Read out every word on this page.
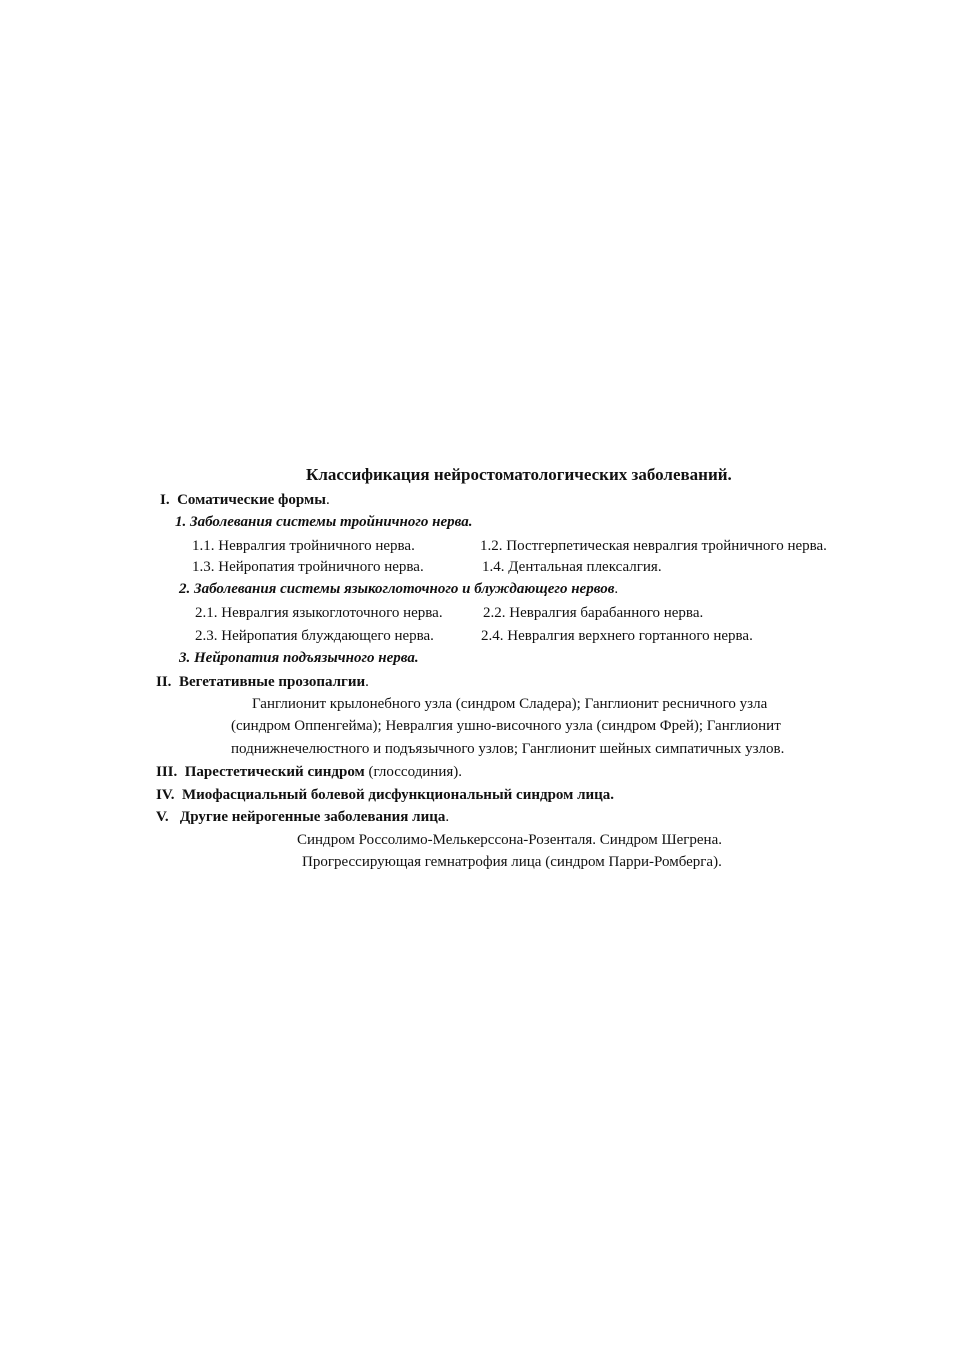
Классификация нейростоматологических заболеваний.
I. Соматические формы.
1. Заболевания системы тройничного нерва.
1.1. Невралгия тройничного нерва.	1.2. Постгерпетическая невралгия тройничного нерва.
1.3. Нейропатия тройничного нерва.	1.4. Дентальная плексалгия.
2. Заболевания системы языкоглоточного и блуждающего нервов.
2.1. Невралгия языкоглоточного нерва.	2.2. Невралгия барабанного нерва.
2.3. Нейропатия блуждающего нерва.	2.4. Невралгия верхнего гортанного нерва.
3. Нейропатия подъязычного нерва.
II. Вегетативные прозопалгии.
Ганглионит крылонебного узла (синдром Сладера); Ганглионит ресничного узла
(синдром Оппенгейма); Невралгия ушно-височного узла (синдром Фрей); Ганглионит
поднижнечелюстного и подъязычного узлов; Ганглионит шейных симпатичных узлов.
III. Парестетический синдром (глоссодиния).
IV. Миофасциальный болевой дисфункциональный синдром лица.
V. Другие нейрогенные заболевания лица.
Синдром Россолимо-Мелькерссона-Розенталя. Синдром Шегрена.
Прогрессирующая гемнатрофия лица (синдром Парри-Ромберга).
